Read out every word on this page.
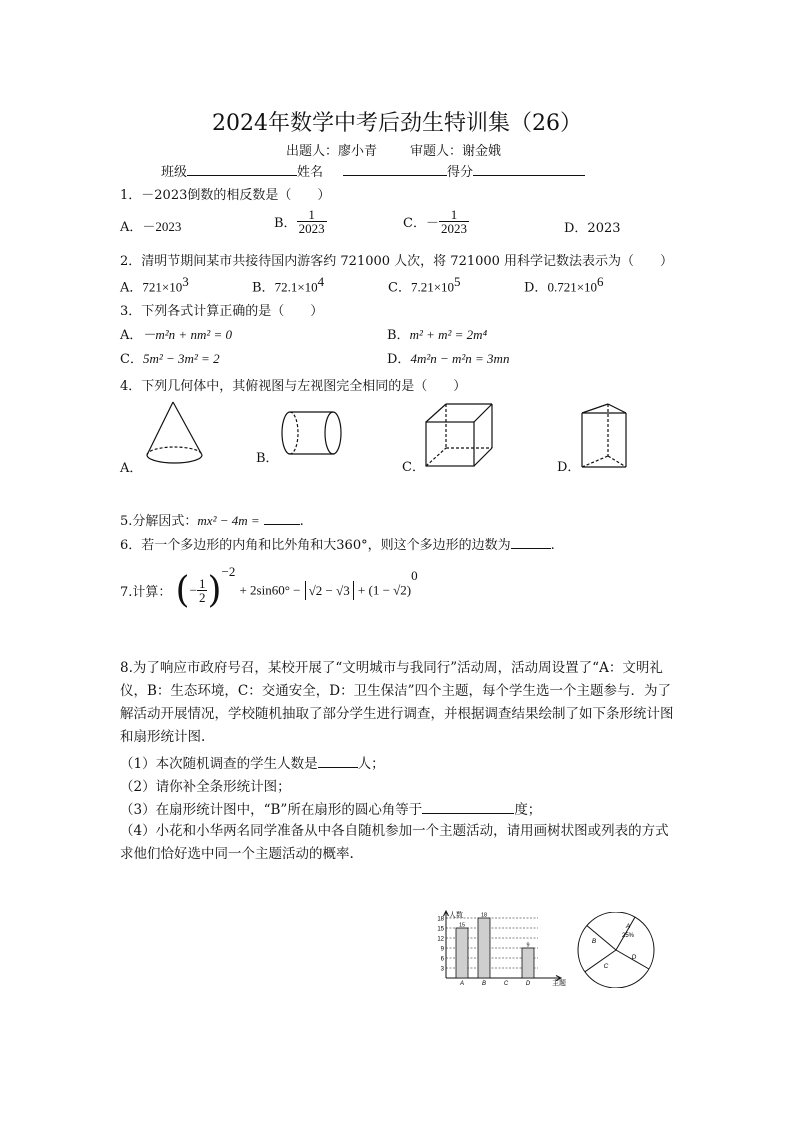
2024年数学中考后劲生特训集（26）
出题人：廖小青	审题人：谢金娥
班级	姓名	得分
1．－2023倒数的相反数是（　　）
A．－2023	B． $\frac{1}{2023}$	C．－ $\frac{1}{2023}$	D．2023
2．清明节期间某市共接待国内游客约 721000 人次，将 721000 用科学记数法表示为（　　）
A．$721\times 10^3$	B．$72.1\times 10^4$	C．$7.21\times 10^5$	D．$0.721\times 10^6$
3．下列各式计算正确的是（　　）
A．－m²n + nm² = 0	B．m² + m² = 2m⁴
C．5m² − 3m² = 2	D．4m²n − m²n = 3mn
4．下列几何体中，其俯视图与左视图完全相同的是（　　）
A．
B．
C．	D．
5.分解因式：mx² − 4m =	.
6．若一个多边形的内角和比外角和大360°，则这个多边形的边数为	.
7.计算： (− $\frac{1}{2} )^{-2} + 2\sin 60^\circ - √2 - √3 + (1 - √2)^0$
8.为了响应市政府号召，某校开展了“文明城市与我同行”活动周，活动周设置了“A：文明礼仪，B：生态环境，C：交通安全，D：卫生保洁”四个主题，每个学生选一个主题参与．为了解活动开展情况，学校随机抽取了部分学生进行调查，并根据调查结果绘制了如下条形统计图和扇形统计图.
（1）本次随机调查的学生人数是	人；
（2）请你补全条形统计图；
（3）在扇形统计图中，“B”所在扇形的圆心角等于	度；
（4）小花和小华两名同学准备从中各自随机参加一个主题活动，请用画树状图或列表的方式求他们恰好选中同一个主题活动的概率.
人数
主题
3
6
9
12
15
18
15
A
18
B	C
9
D
A
B
C
D
25%
